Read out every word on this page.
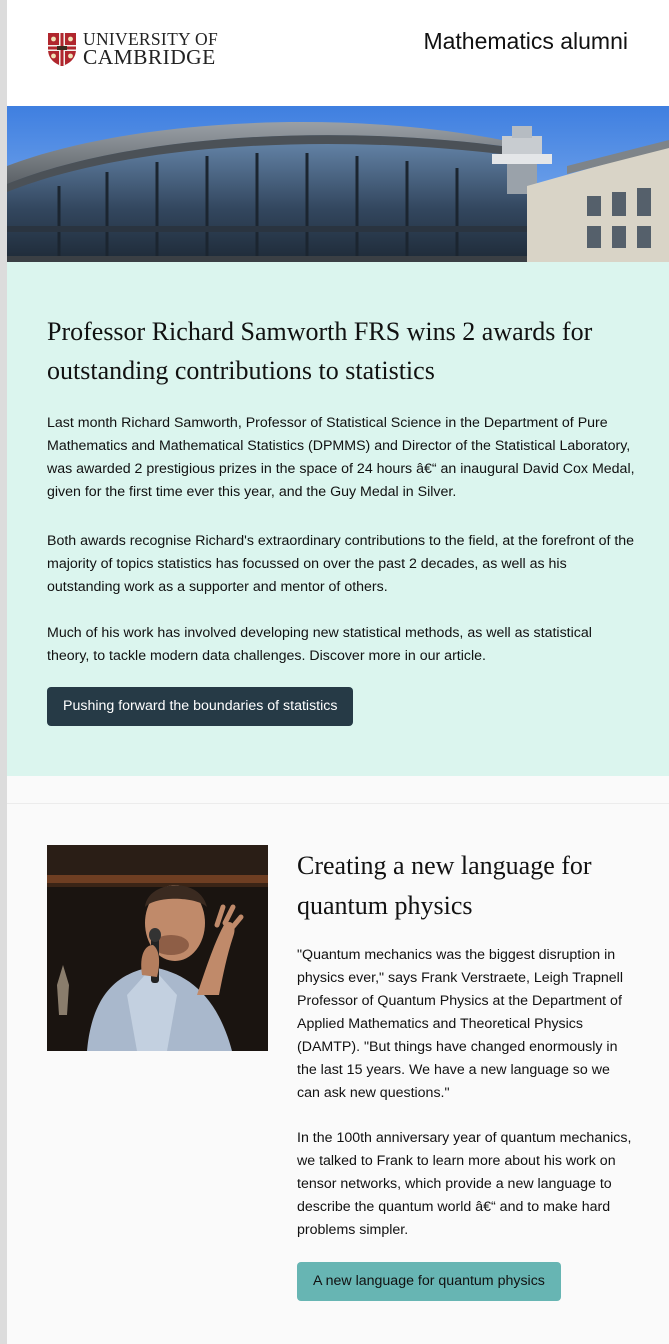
UNIVERSITY OF
CAMBRIDGE
Mathematics alumni
Professor Richard Samworth FRS wins 2 awards for outstanding contributions to statistics

Last month Richard Samworth, Professor of Statistical Science in the Department of Pure Mathematics and Mathematical Statistics (DPMMS) and Director of the Statistical Laboratory, was awarded 2 prestigious prizes in the space of 24 hours â€“ an inaugural David Cox Medal, given for the first time ever this year, and the Guy Medal in Silver.

Both awards recognise Richard's extraordinary contributions to the field, at the forefront of the majority of topics statistics has focussed on over the past 2 decades, as well as his outstanding work as a supporter and mentor of others.

Much of his work has involved developing new statistical methods, as well as statistical theory, to tackle modern data challenges. Discover more in our article.

Pushing forward the boundaries of statistics
Creating a new language for quantum physics

"Quantum mechanics was the biggest disruption in physics ever," says Frank Verstraete, Leigh Trapnell Professor of Quantum Physics at the Department of Applied Mathematics and Theoretical Physics (DAMTP). "But things have changed enormously in the last 15 years. We have a new language so we can ask new questions."

In the 100th anniversary year of quantum mechanics, we talked to Frank to learn more about his work on tensor networks, which provide a new language to describe the quantum world â€“ and to make hard problems simpler.

A new language for quantum physics
